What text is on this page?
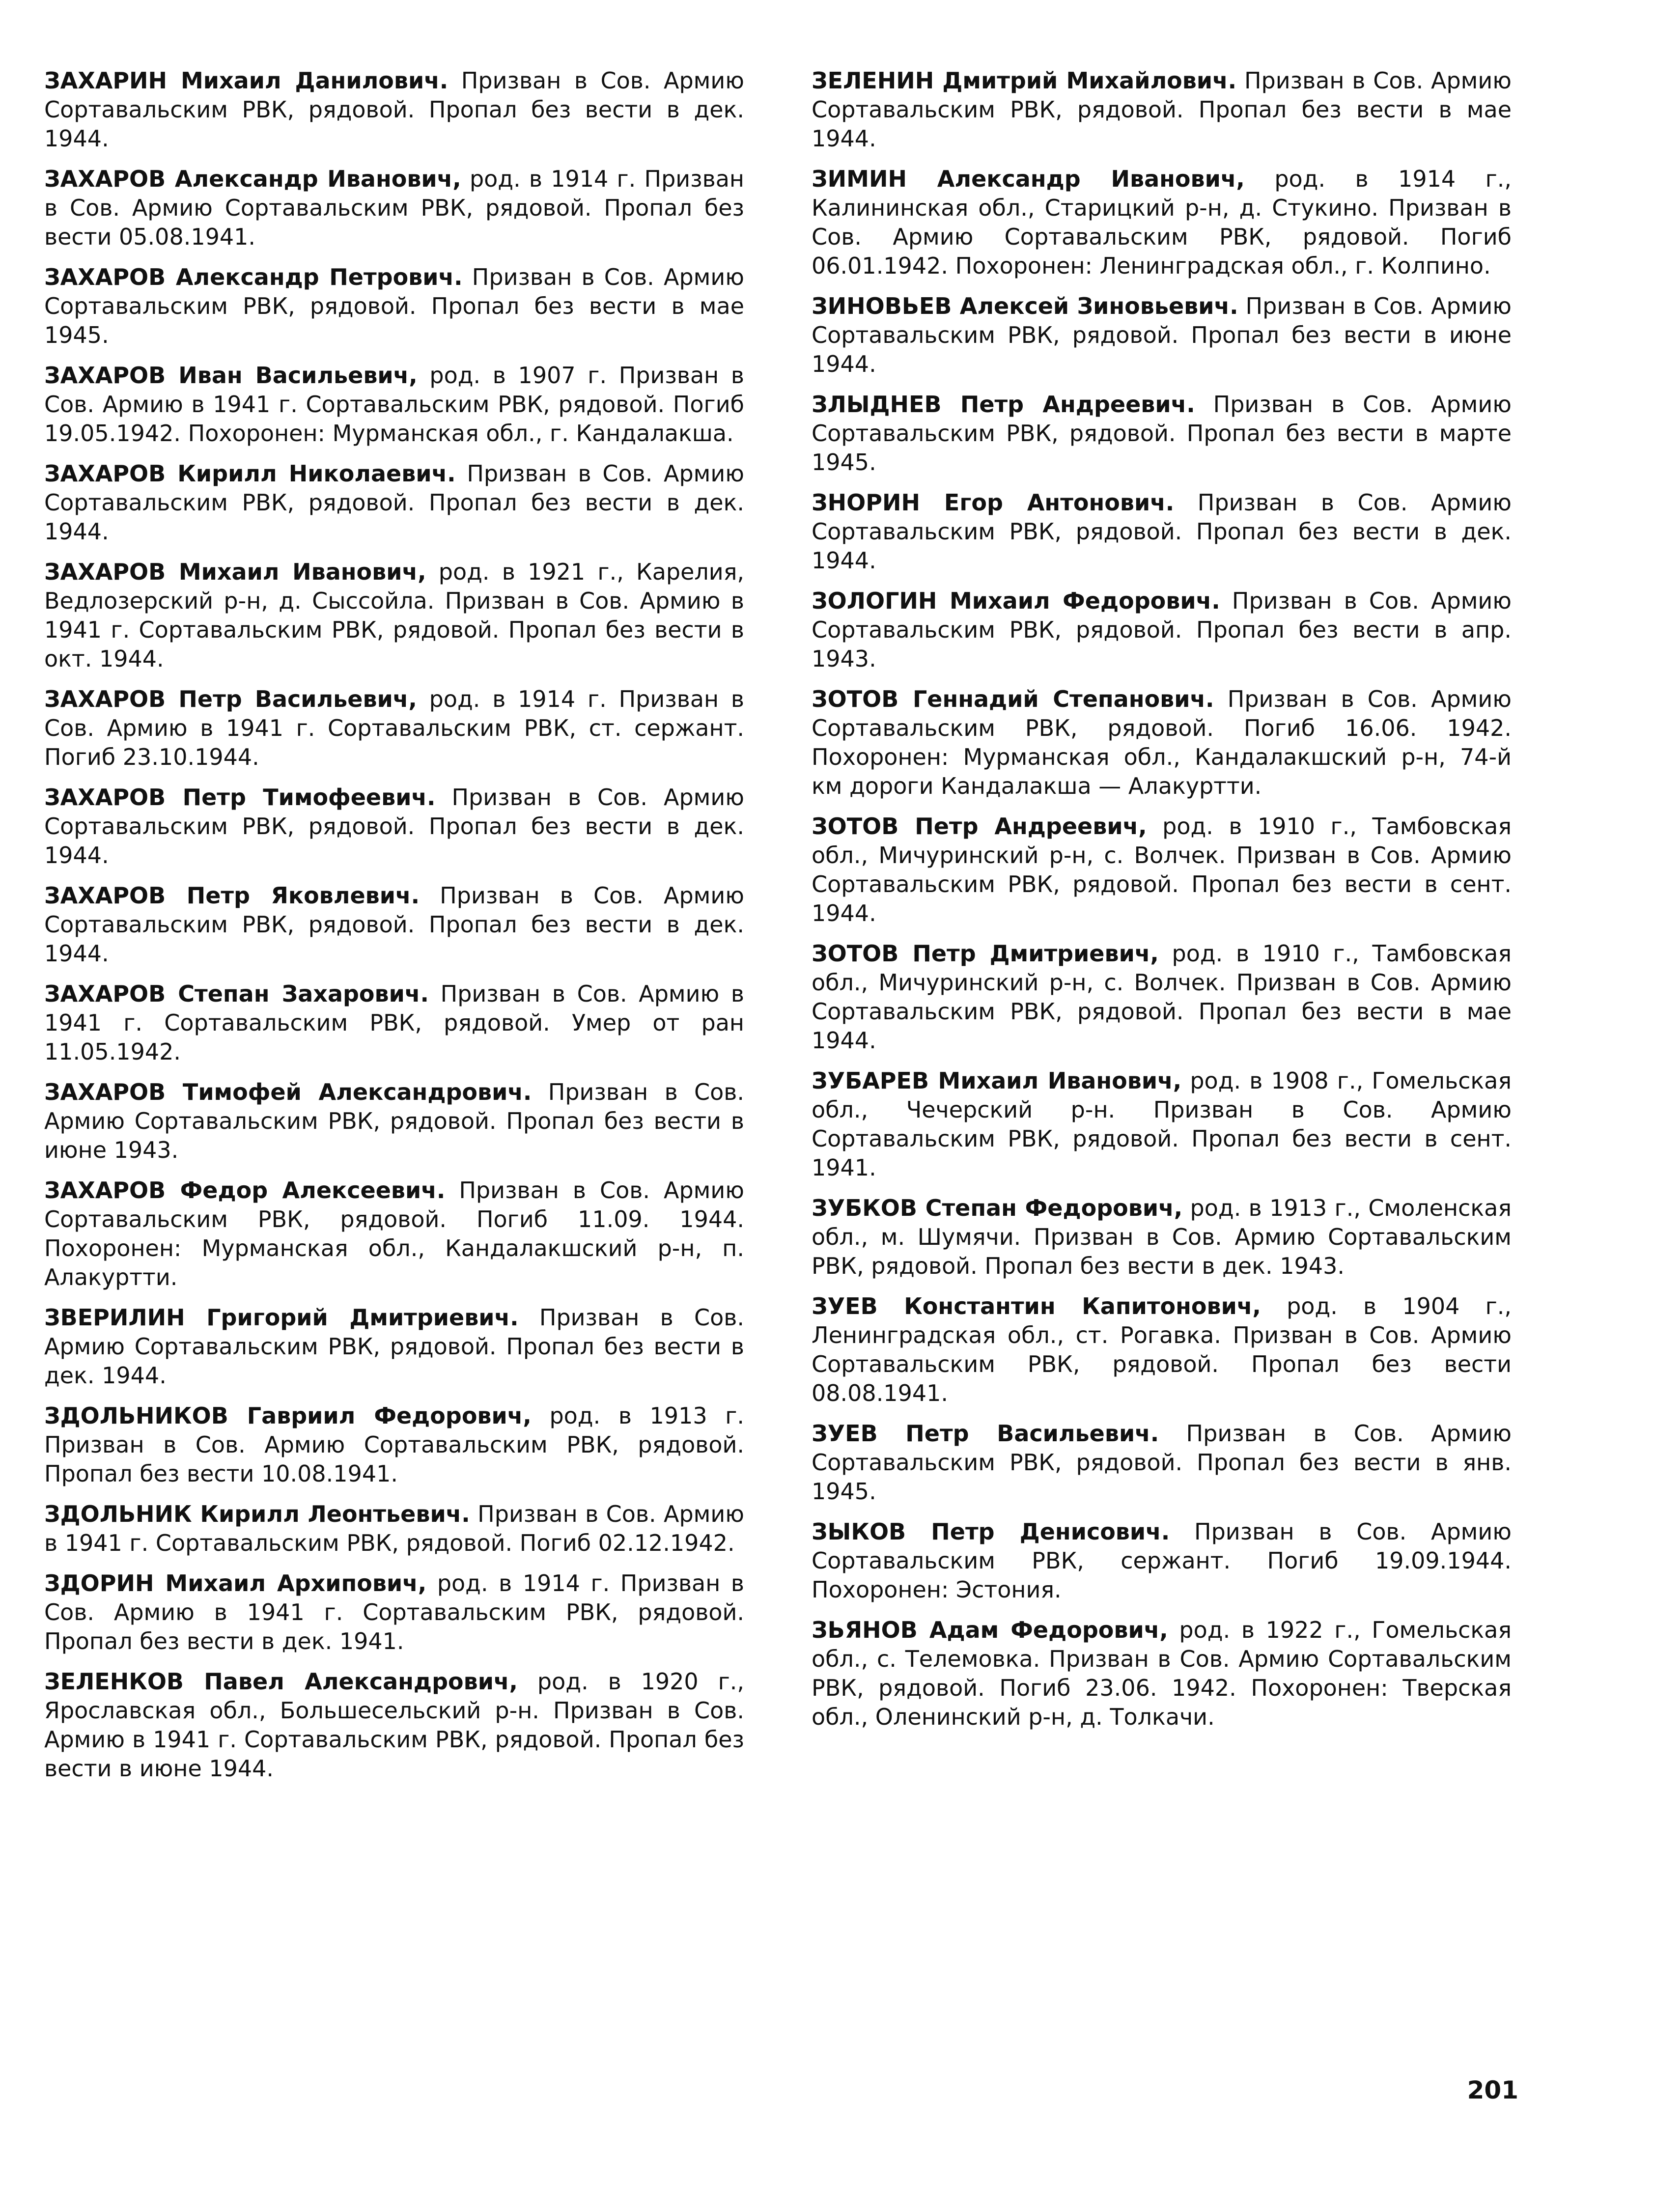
ЗАХАРИН Михаил Данилович. Призван в Сов. Армию Сортавальским РВК, рядовой. Пропал без вести в дек. 1944.

ЗАХАРОВ Александр Иванович, род. в 1914 г. Призван в Сов. Армию Сортавальским РВК, рядовой. Пропал без вести 05.08.1941.

ЗАХАРОВ Александр Петрович. Призван в Сов. Армию Сортавальским РВК, рядовой. Пропал без вести в мае 1945.

ЗАХАРОВ Иван Васильевич, род. в 1907 г. Призван в Сов. Армию в 1941 г. Сортавальским РВК, рядовой. Погиб 19.05.1942. Похоронен: Мурманская обл., г. Кандалакша.

ЗАХАРОВ Кирилл Николаевич. Призван в Сов. Армию Сортавальским РВК, рядовой. Пропал без вести в дек. 1944.

ЗАХАРОВ Михаил Иванович, род. в 1921 г., Карелия, Ведлозерский р-н, д. Сыссойла. Призван в Сов. Армию в 1941 г. Сортавальским РВК, рядовой. Пропал без вести в окт. 1944.

ЗАХАРОВ Петр Васильевич, род. в 1914 г. Призван в Сов. Армию в 1941 г. Сортавальским РВК, ст. сержант. Погиб 23.10.1944.

ЗАХАРОВ Петр Тимофеевич. Призван в Сов. Армию Сортавальским РВК, рядовой. Пропал без вести в дек. 1944.

ЗАХАРОВ Петр Яковлевич. Призван в Сов. Армию Сортавальским РВК, рядовой. Пропал без вести в дек. 1944.

ЗАХАРОВ Степан Захарович. Призван в Сов. Армию в 1941 г. Сортавальским РВК, рядовой. Умер от ран 11.05.1942.

ЗАХАРОВ Тимофей Александрович. Призван в Сов. Армию Сортавальским РВК, рядовой. Пропал без вести в июне 1943.

ЗАХАРОВ Федор Алексеевич. Призван в Сов. Армию Сортавальским РВК, рядовой. Погиб 11.09. 1944. Похоронен: Мурманская обл., Кандалакшский р-н, п. Алакуртти.

ЗВЕРИЛИН Григорий Дмитриевич. Призван в Сов. Армию Сортавальским РВК, рядовой. Пропал без вести в дек. 1944.

ЗДОЛЬНИКОВ Гавриил Федорович, род. в 1913 г. Призван в Сов. Армию Сортавальским РВК, рядовой. Пропал без вести 10.08.1941.

ЗДОЛЬНИК Кирилл Леонтьевич. Призван в Сов. Армию в 1941 г. Сортавальским РВК, рядовой. Погиб 02.12.1942.

ЗДОРИН Михаил Архипович, род. в 1914 г. Призван в Сов. Армию в 1941 г. Сортавальским РВК, рядовой. Пропал без вести в дек. 1941.

ЗЕЛЕНКОВ Павел Александрович, род. в 1920 г., Ярославская обл., Большесельский р-н. Призван в Сов. Армию в 1941 г. Сортавальским РВК, рядовой. Пропал без вести в июне 1944.

ЗЕЛЕНИН Дмитрий Михайлович. Призван в Сов. Армию Сортавальским РВК, рядовой. Пропал без вести в мае 1944.

ЗИМИН Александр Иванович, род. в 1914 г., Калининская обл., Старицкий р-н, д. Стукино. Призван в Сов. Армию Сортавальским РВК, рядовой. Погиб 06.01.1942. Похоронен: Ленинградская обл., г. Колпино.

ЗИНОВЬЕВ Алексей Зиновьевич. Призван в Сов. Армию Сортавальским РВК, рядовой. Пропал без вести в июне 1944.

ЗЛЫДНЕВ Петр Андреевич. Призван в Сов. Армию Сортавальским РВК, рядовой. Пропал без вести в марте 1945.

ЗНОРИН Егор Антонович. Призван в Сов. Армию Сортавальским РВК, рядовой. Пропал без вести в дек. 1944.

ЗОЛОГИН Михаил Федорович. Призван в Сов. Армию Сортавальским РВК, рядовой. Пропал без вести в апр. 1943.

ЗОТОВ Геннадий Степанович. Призван в Сов. Армию Сортавальским РВК, рядовой. Погиб 16.06. 1942. Похоронен: Мурманская обл., Кандалакшский р-н, 74-й км дороги Кандалакша — Алакуртти.

ЗОТОВ Петр Андреевич, род. в 1910 г., Тамбовская обл., Мичуринский р-н, с. Волчек. Призван в Сов. Армию Сортавальским РВК, рядовой. Пропал без вести в сент. 1944.

ЗОТОВ Петр Дмитриевич, род. в 1910 г., Тамбовская обл., Мичуринский р-н, с. Волчек. Призван в Сов. Армию Сортавальским РВК, рядовой. Пропал без вести в мае 1944.

ЗУБАРЕВ Михаил Иванович, род. в 1908 г., Гомельская обл., Чечерский р-н. Призван в Сов. Армию Сортавальским РВК, рядовой. Пропал без вести в сент. 1941.

ЗУБКОВ Степан Федорович, род. в 1913 г., Смоленская обл., м. Шумячи. Призван в Сов. Армию Сортавальским РВК, рядовой. Пропал без вести в дек. 1943.

ЗУЕВ Константин Капитонович, род. в 1904 г., Ленинградская обл., ст. Рогавка. Призван в Сов. Армию Сортавальским РВК, рядовой. Пропал без вести 08.08.1941.

ЗУЕВ Петр Васильевич. Призван в Сов. Армию Сортавальским РВК, рядовой. Пропал без вести в янв. 1945.

ЗЫКОВ Петр Денисович. Призван в Сов. Армию Сортавальским РВК, сержант. Погиб 19.09.1944. Похоронен: Эстония.

ЗЬЯНОВ Адам Федорович, род. в 1922 г., Гомельская обл., с. Телемовка. Призван в Сов. Армию Сортавальским РВК, рядовой. Погиб 23.06. 1942. Похоронен: Тверская обл., Оленинский р-н, д. Толкачи.

201
